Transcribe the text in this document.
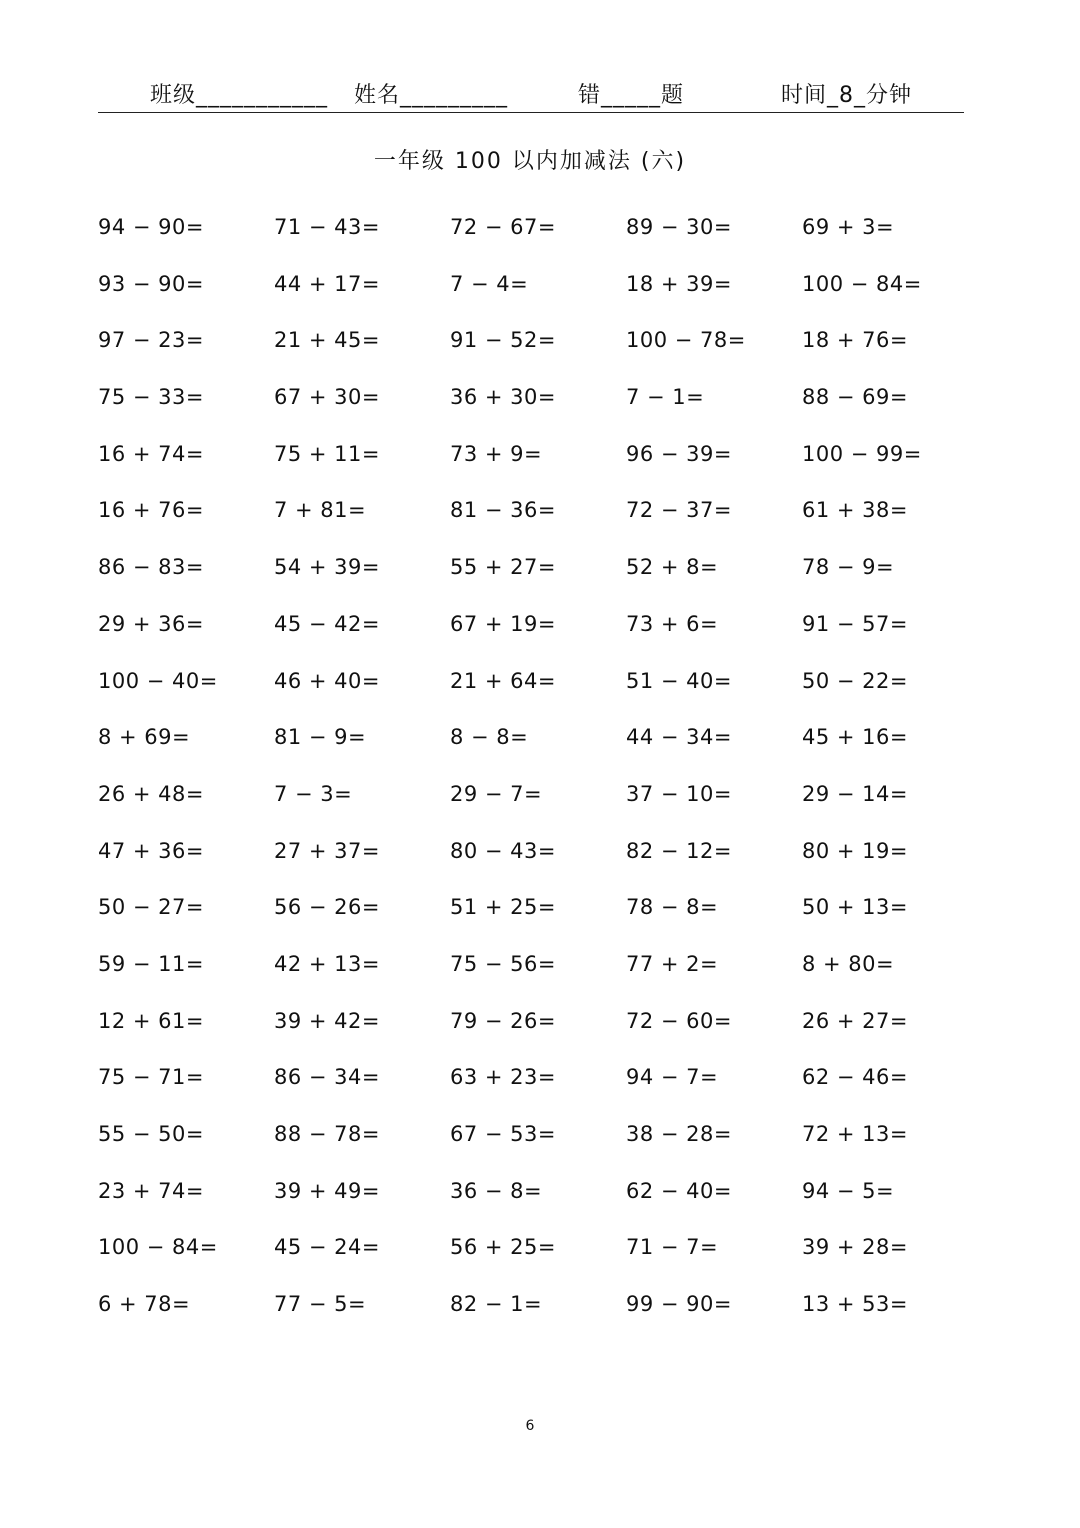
班级___________ 姓名_________	错_____题	时间_8_分钟
一年级 100 以内加减法 (六)
94 − 90=	71 − 43=	72 − 67=	89 − 30=	69 + 3=
93 − 90=	44 + 17=	7 − 4=	18 + 39=	100 − 84=
97 − 23=	21 + 45=	91 − 52=	100 − 78=	18 + 76=
75 − 33=	67 + 30=	36 + 30=	7 − 1=	88 − 69=
16 + 74=	75 + 11=	73 + 9=	96 − 39=	100 − 99=
16 + 76=	7 + 81=	81 − 36=	72 − 37=	61 + 38=
86 − 83=	54 + 39=	55 + 27=	52 + 8=	78 − 9=
29 + 36=	45 − 42=	67 + 19=	73 + 6=	91 − 57=
100 − 40=	46 + 40=	21 + 64=	51 − 40=	50 − 22=
8 + 69=	81 − 9=	8 − 8=	44 − 34=	45 + 16=
26 + 48=	7 − 3=	29 − 7=	37 − 10=	29 − 14=
47 + 36=	27 + 37=	80 − 43=	82 − 12=	80 + 19=
50 − 27=	56 − 26=	51 + 25=	78 − 8=	50 + 13=
59 − 11=	42 + 13=	75 − 56=	77 + 2=	8 + 80=
12 + 61=	39 + 42=	79 − 26=	72 − 60=	26 + 27=
75 − 71=	86 − 34=	63 + 23=	94 − 7=	62 − 46=
55 − 50=	88 − 78=	67 − 53=	38 − 28=	72 + 13=
23 + 74=	39 + 49=	36 − 8=	62 − 40=	94 − 5=
100 − 84=	45 − 24=	56 + 25=	71 − 7=	39 + 28=
6 + 78=	77 − 5=	82 − 1=	99 − 90=	13 + 53=
6
